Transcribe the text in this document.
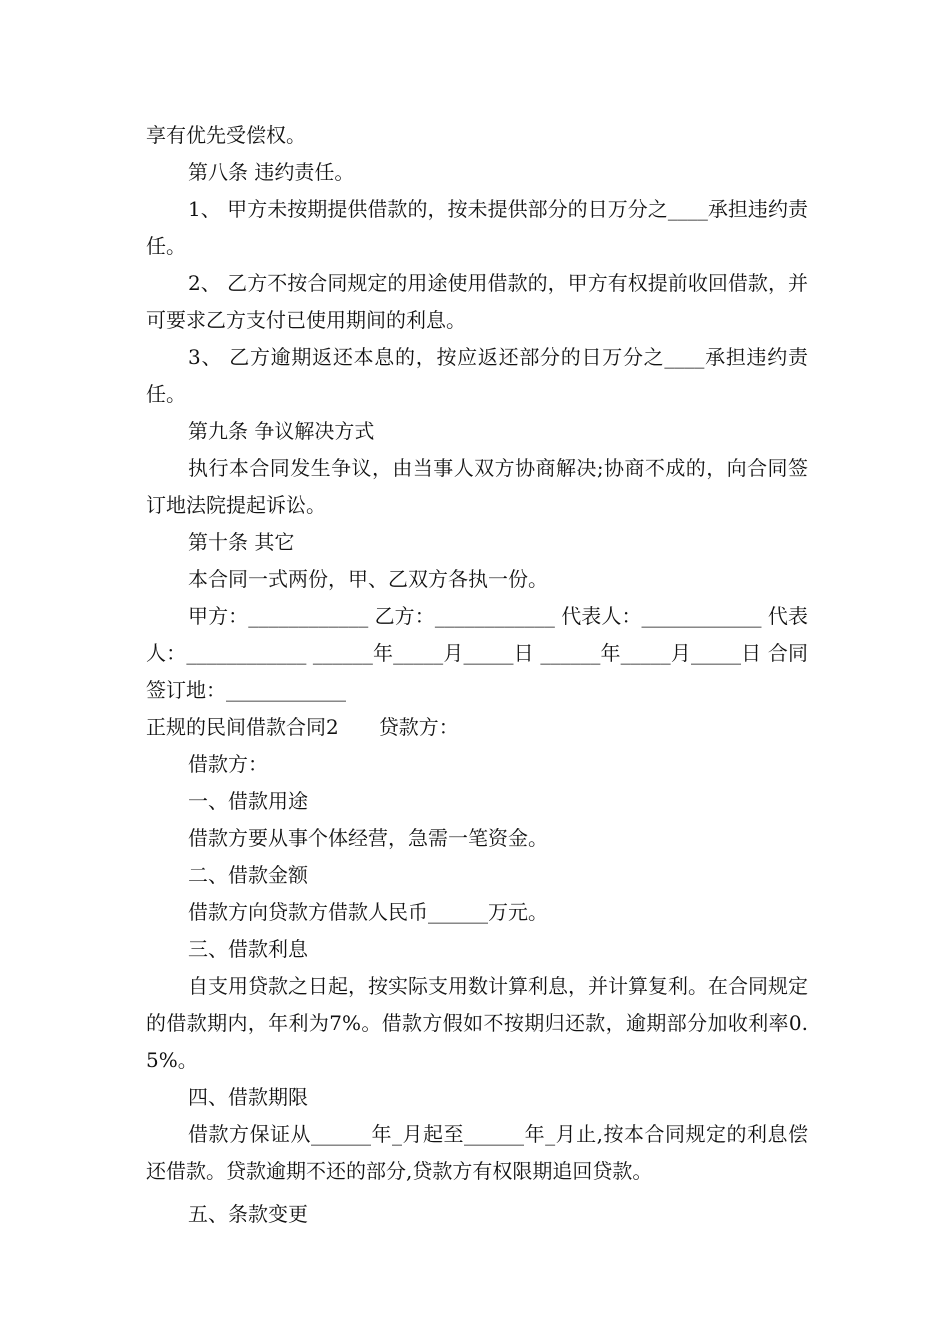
享有优先受偿权。

第八条 违约责任。

1、 甲方未按期提供借款的，按未提供部分的日万分之____承担违约责任。

2、 乙方不按合同规定的用途使用借款的，甲方有权提前收回借款，并可要求乙方支付已使用期间的利息。

3、 乙方逾期返还本息的，按应返还部分的日万分之____承担违约责任。

第九条 争议解决方式

执行本合同发生争议，由当事人双方协商解决;协商不成的，向合同签订地法院提起诉讼。

第十条 其它

本合同一式两份，甲、乙双方各执一份。

甲方：____________ 乙方：____________ 代表人：____________ 代表人：____________ ______年_____月_____日 ______年_____月_____日 合同签订地：____________

正规的民间借款合同2　　贷款方：

借款方：

一、借款用途

借款方要从事个体经营，急需一笔资金。

二、借款金额

借款方向贷款方借款人民币______万元。

三、借款利息

自支用贷款之日起，按实际支用数计算利息，并计算复利。在合同规定的借款期内，年利为7%。借款方假如不按期归还款，逾期部分加收利率0.5%。

四、借款期限

借款方保证从______年_月起至______年_月止,按本合同规定的利息偿还借款。贷款逾期不还的部分,贷款方有权限期追回贷款。

五、条款变更
